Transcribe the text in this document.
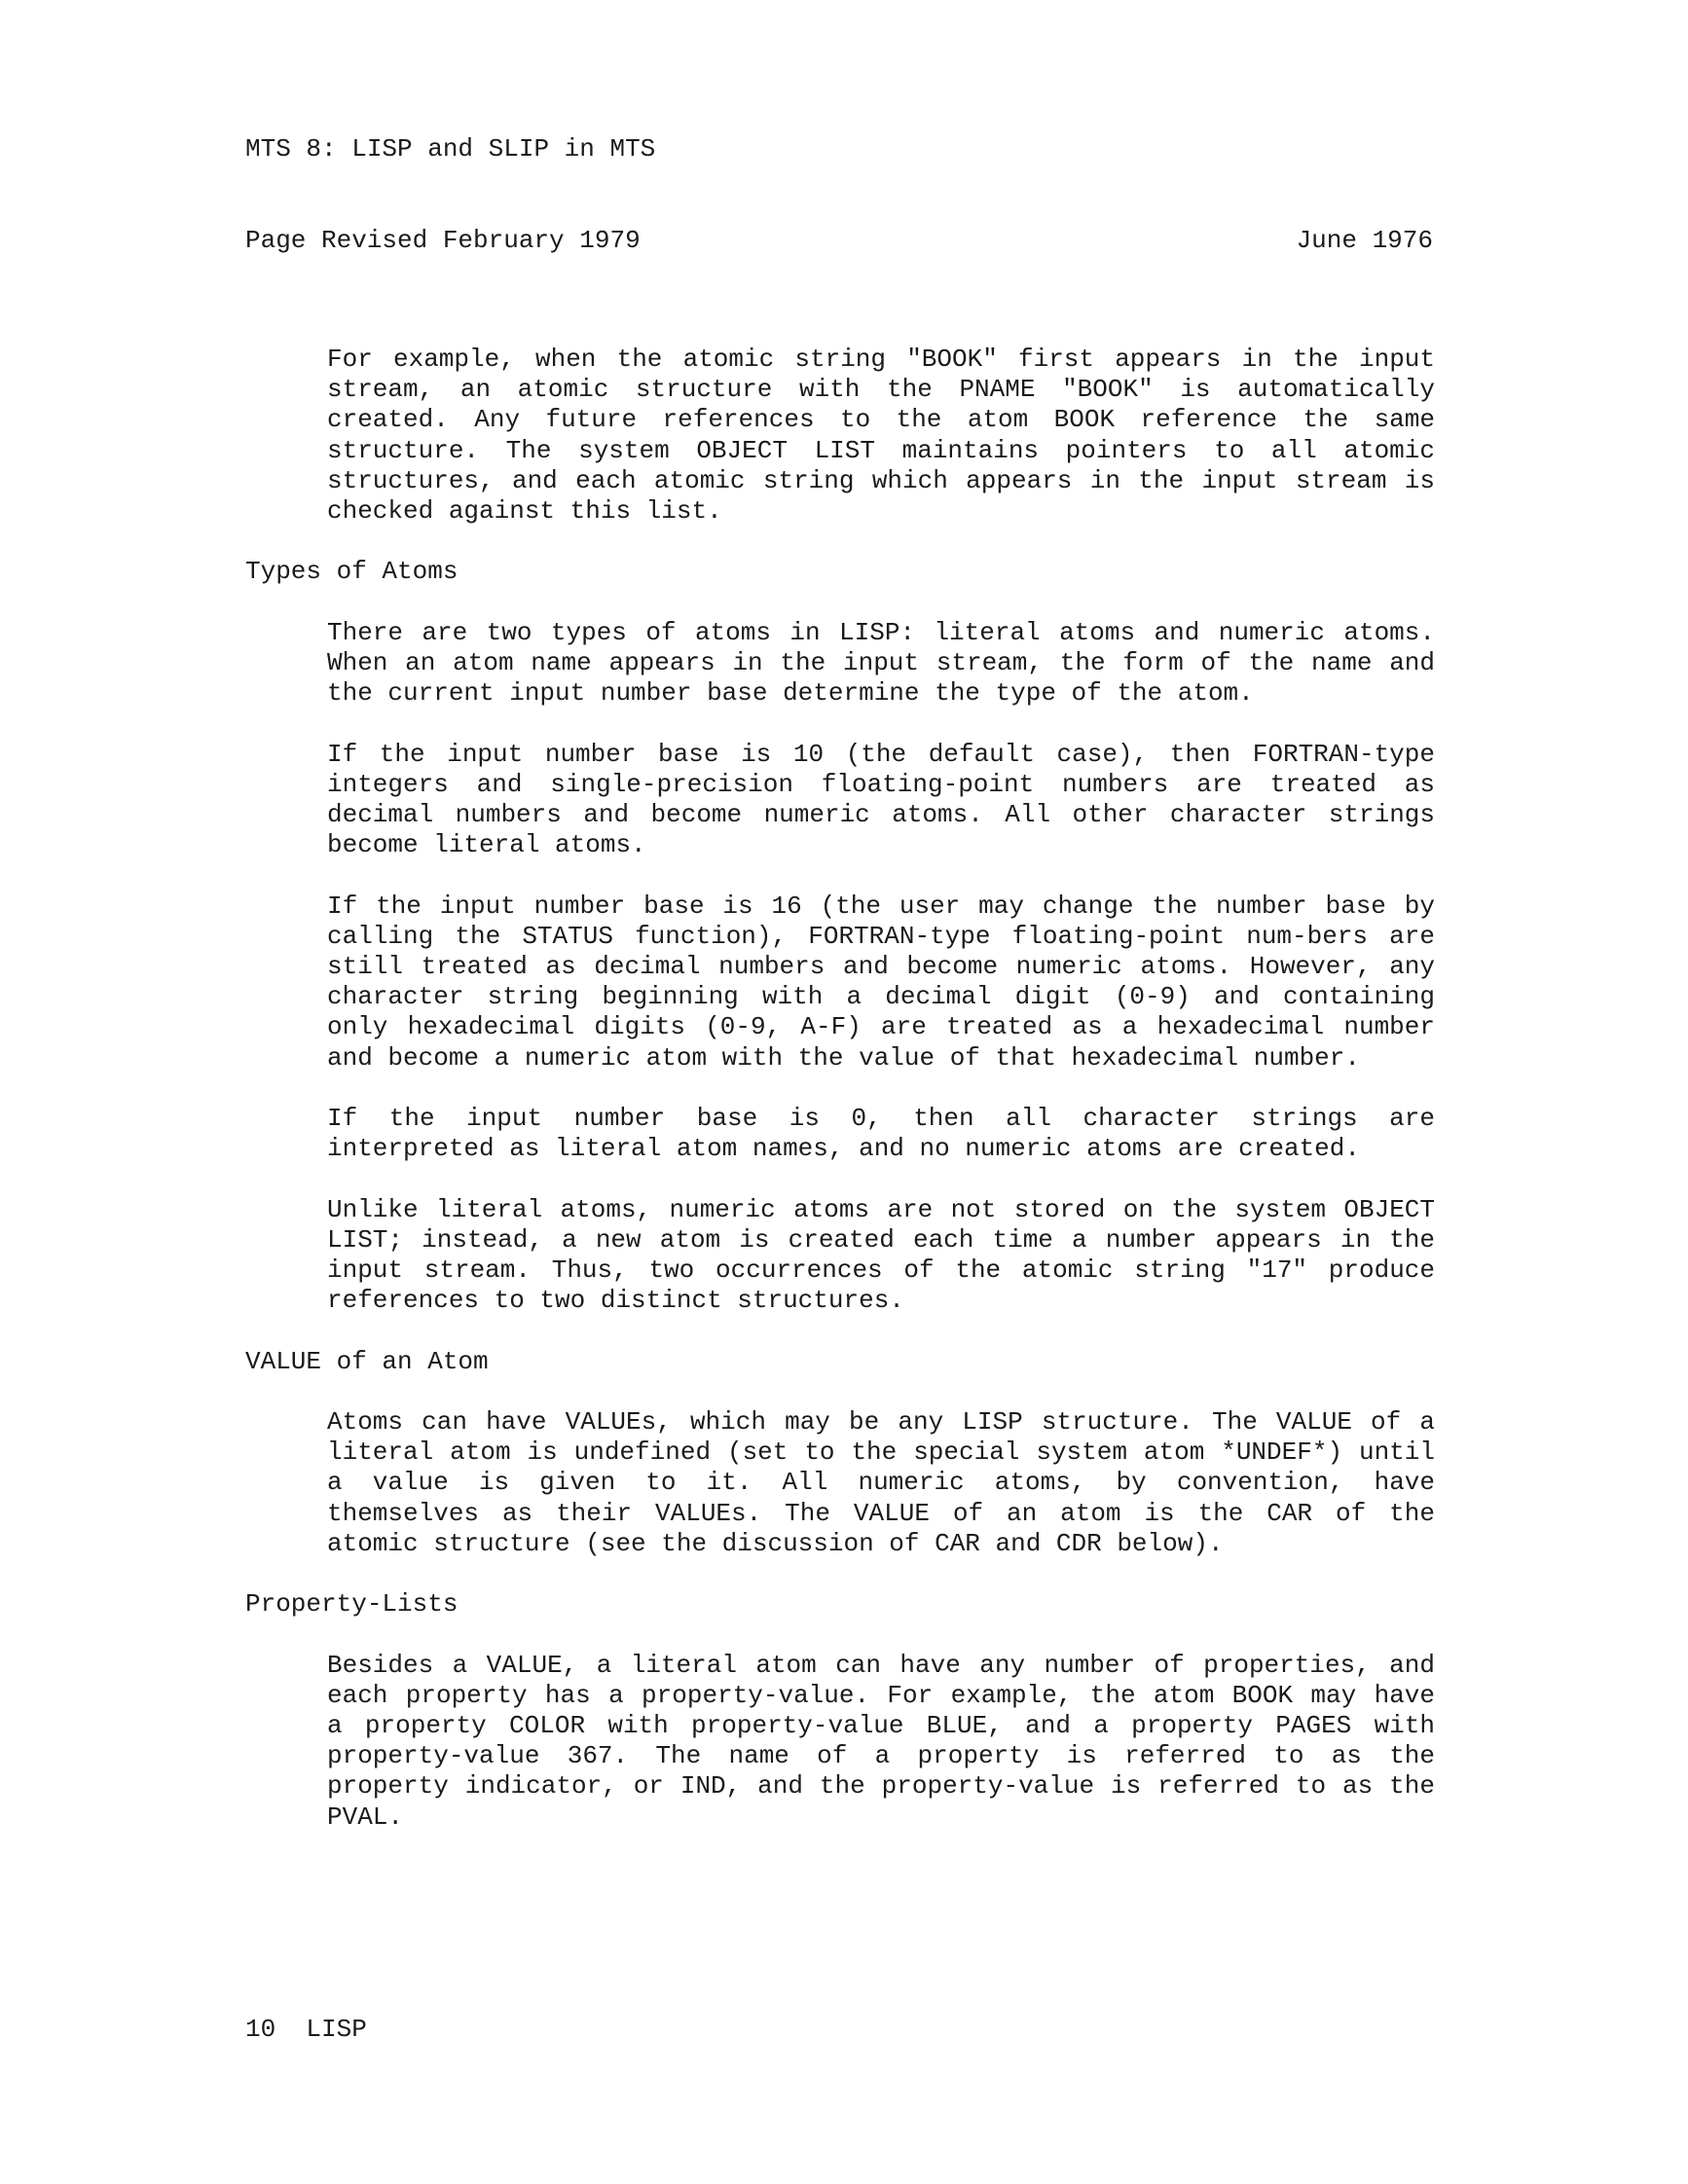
MTS 8: LISP and SLIP in MTS
Page Revised February 1979	June 1976

For example, when the atomic string "BOOK" first appears in the input stream, an atomic structure with the PNAME "BOOK" is automatically created. Any future references to the atom BOOK reference the same structure. The system OBJECT LIST maintains pointers to all atomic structures, and each atomic string which appears in the input stream is checked against this list.

Types of Atoms

There are two types of atoms in LISP: literal atoms and numeric atoms. When an atom name appears in the input stream, the form of the name and the current input number base determine the type of the atom.

If the input number base is 10 (the default case), then FORTRAN-type integers and single-precision floating-point numbers are treated as decimal numbers and become numeric atoms. All other character strings become literal atoms.

If the input number base is 16 (the user may change the number base by calling the STATUS function), FORTRAN-type floating-point num-bers are still treated as decimal numbers and become numeric atoms. However, any character string beginning with a decimal digit (0-9) and containing only hexadecimal digits (0-9, A-F) are treated as a hexadecimal number and become a numeric atom with the value of that hexadecimal number.

If the input number base is 0, then all character strings are interpreted as literal atom names, and no numeric atoms are created.

Unlike literal atoms, numeric atoms are not stored on the system OBJECT LIST; instead, a new atom is created each time a number appears in the input stream. Thus, two occurrences of the atomic string "17" produce references to two distinct structures.

VALUE of an Atom

Atoms can have VALUEs, which may be any LISP structure. The VALUE of a literal atom is undefined (set to the special system atom *UNDEF*) until a value is given to it. All numeric atoms, by convention, have themselves as their VALUEs. The VALUE of an atom is the CAR of the atomic structure (see the discussion of CAR and CDR below).

Property-Lists

Besides a VALUE, a literal atom can have any number of properties, and each property has a property-value. For example, the atom BOOK may have a property COLOR with property-value BLUE, and a property PAGES with property-value 367. The name of a property is referred to as the property indicator, or IND, and the property-value is referred to as the PVAL.

10  LISP
